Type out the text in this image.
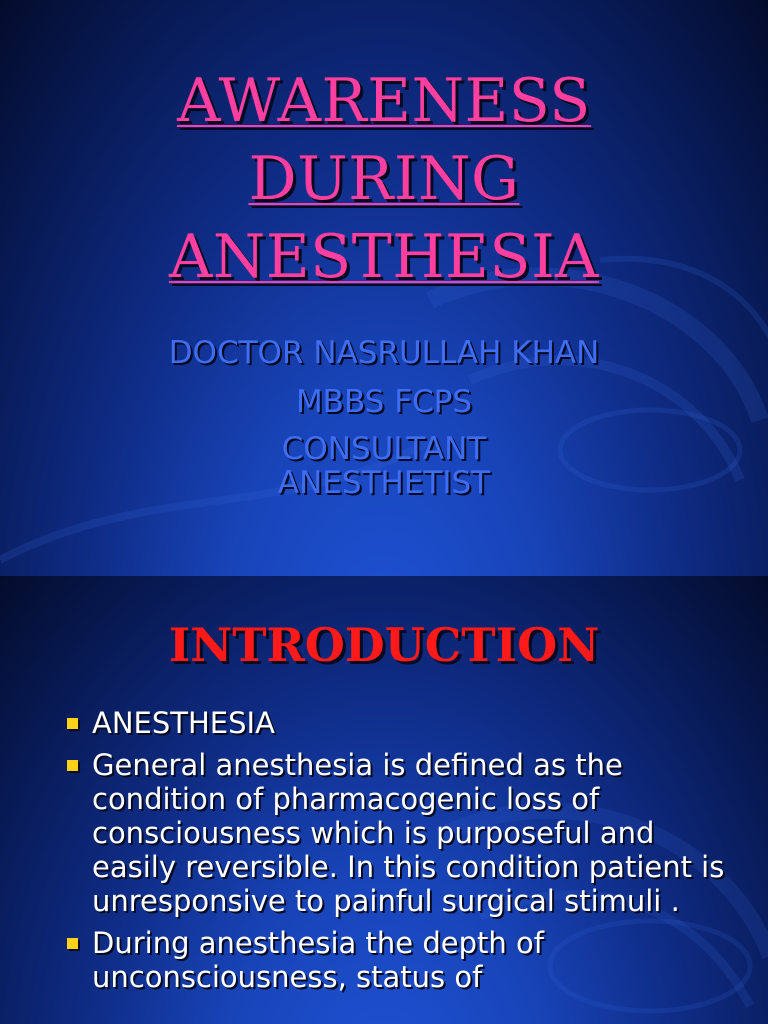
AWARENESS
DURING
ANESTHESIA
DOCTOR NASRULLAH KHAN
MBBS FCPS
CONSULTANT
ANESTHETIST
INTRODUCTION
ANESTHESIA
General anesthesia is defined as the condition of pharmacogenic loss of consciousness which is purposeful and easily reversible. In this condition patient is unresponsive to painful surgical stimuli .
During anesthesia the depth of unconsciousness, status of
